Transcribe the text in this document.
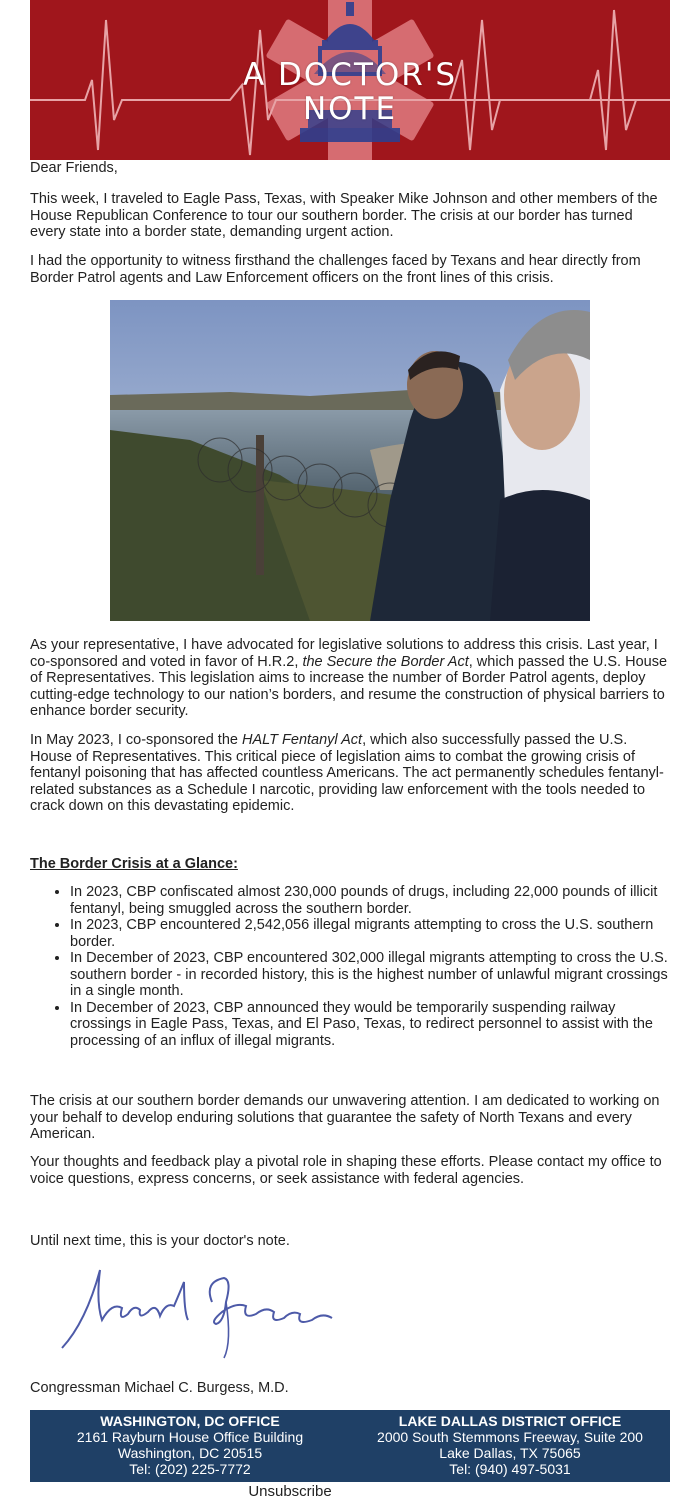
A DOCTOR'S
NOTE

Dear Friends,

This week, I traveled to Eagle Pass, Texas, with Speaker Mike Johnson and other members of the House Republican Conference to tour our southern border. The crisis at our border has turned every state into a border state, demanding urgent action.

I had the opportunity to witness firsthand the challenges faced by Texans and hear directly from Border Patrol agents and Law Enforcement officers on the front lines of this crisis.

As your representative, I have advocated for legislative solutions to address this crisis. Last year, I co-sponsored and voted in favor of H.R.2, the Secure the Border Act, which passed the U.S. House of Representatives. This legislation aims to increase the number of Border Patrol agents, deploy cutting-edge technology to our nation’s borders, and resume the construction of physical barriers to enhance border security.

In May 2023, I co-sponsored the HALT Fentanyl Act, which also successfully passed the U.S. House of Representatives. This critical piece of legislation aims to combat the growing crisis of fentanyl poisoning that has affected countless Americans. The act permanently schedules fentanyl-related substances as a Schedule I narcotic, providing law enforcement with the tools needed to crack down on this devastating epidemic.

The Border Crisis at a Glance:
• In 2023, CBP confiscated almost 230,000 pounds of drugs, including 22,000 pounds of illicit fentanyl, being smuggled across the southern border.
• In 2023, CBP encountered 2,542,056 illegal migrants attempting to cross the U.S. southern border.
• In December of 2023, CBP encountered 302,000 illegal migrants attempting to cross the U.S. southern border - in recorded history, this is the highest number of unlawful migrant crossings in a single month.
• In December of 2023, CBP announced they would be temporarily suspending railway crossings in Eagle Pass, Texas, and El Paso, Texas, to redirect personnel to assist with the processing of an influx of illegal migrants.

The crisis at our southern border demands our unwavering attention. I am dedicated to working on your behalf to develop enduring solutions that guarantee the safety of North Texans and every American.

Your thoughts and feedback play a pivotal role in shaping these efforts. Please contact my office to voice questions, express concerns, or seek assistance with federal agencies.

Until next time, this is your doctor's note.

Congressman Michael C. Burgess, M.D.

WASHINGTON, DC OFFICE
2161 Rayburn House Office Building
Washington, DC 20515
Tel: (202) 225-7772
LAKE DALLAS DISTRICT OFFICE
2000 South Stemmons Freeway, Suite 200
Lake Dallas, TX 75065
Tel: (940) 497-5031
Unsubscribe
